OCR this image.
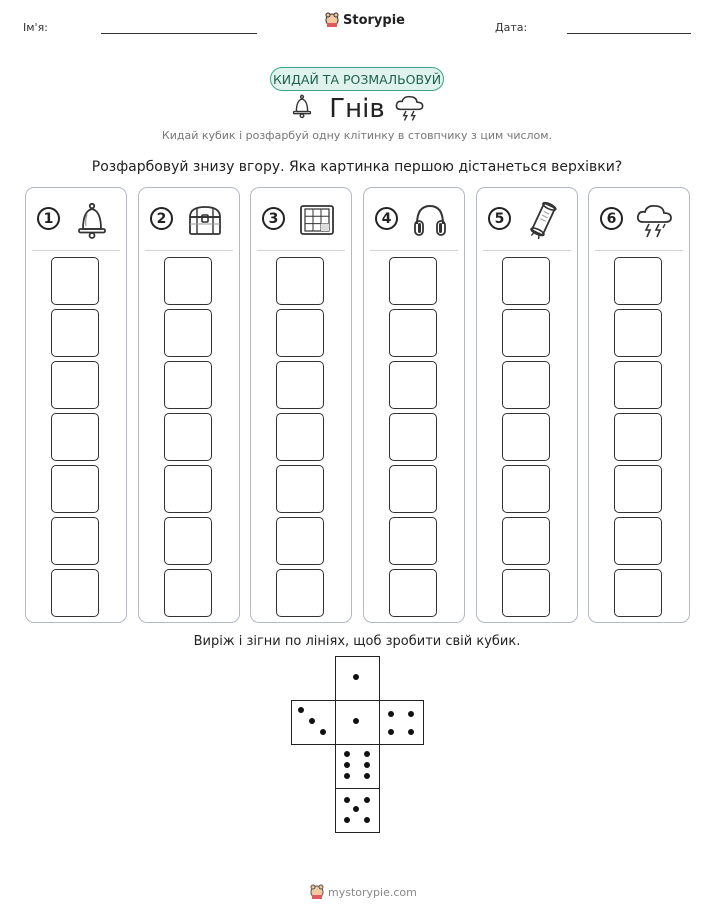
Ім'я:	Storypie	Дата:
КИДАЙ ТА РОЗМАЛЬОВУЙ
Гнів
Кидай кубик і розфарбуй одну клітинку в стовпчику з цим числом.
Розфарбовуй знизу вгору. Яка картинка першою дістанеться верхівки?
1	2	3	4	5	6
Виріж і зігни по лініях, щоб зробити свій кубик.
mystorypie.com
